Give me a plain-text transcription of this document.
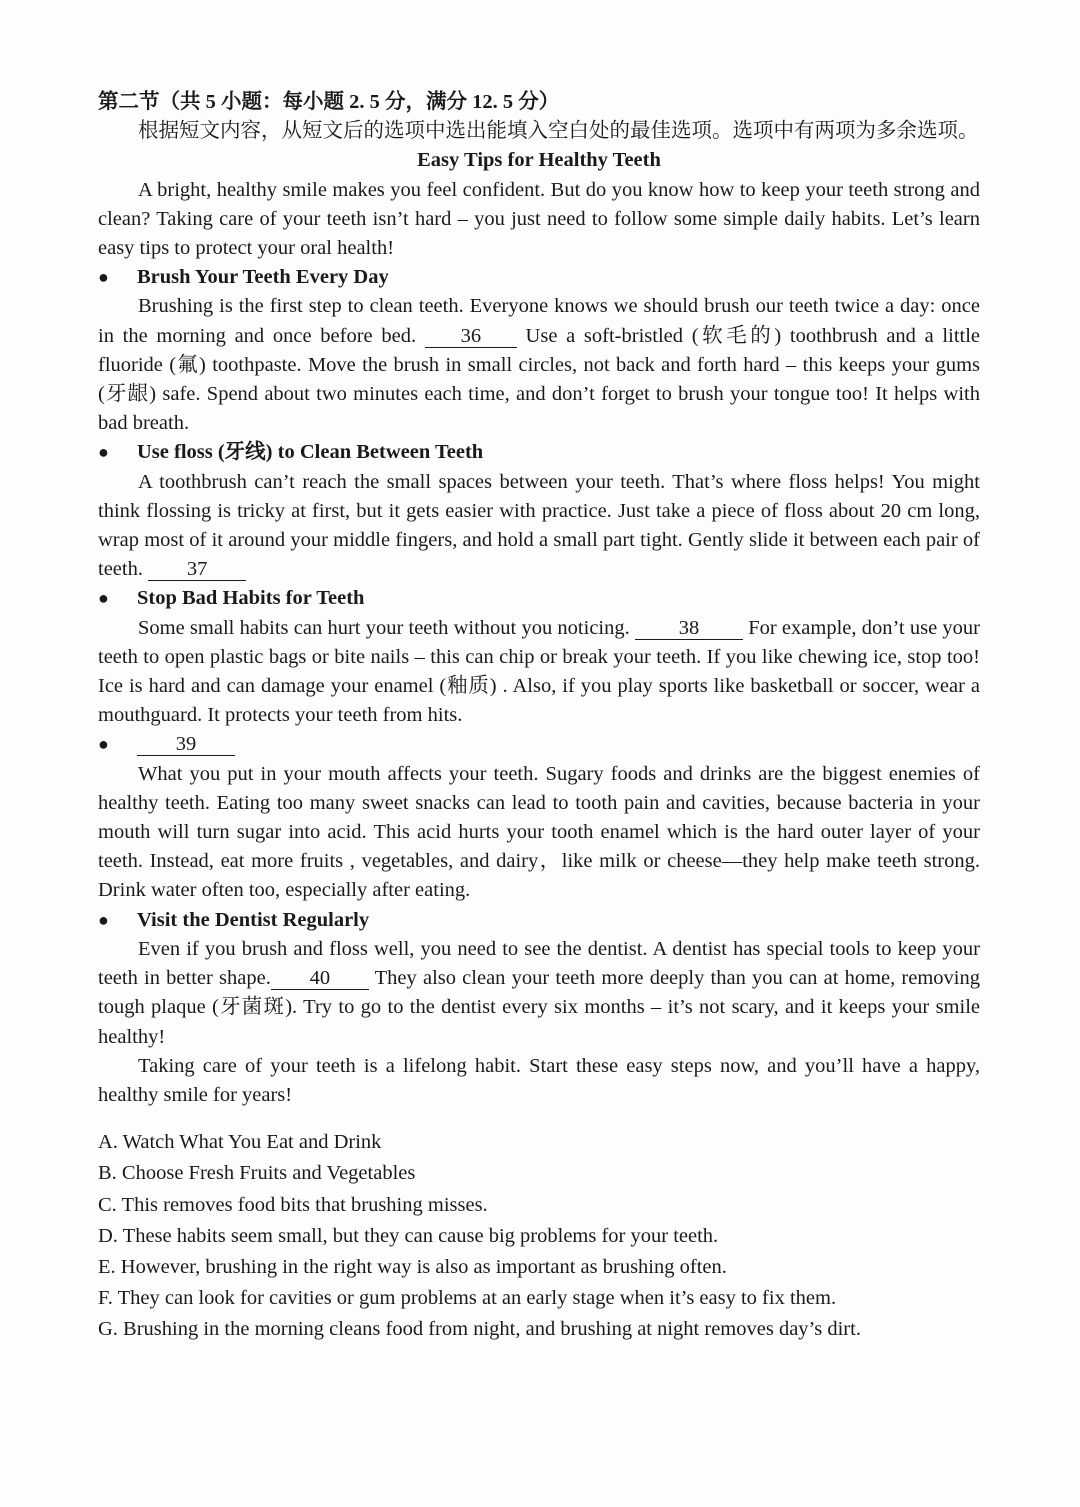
第二节（共 5 小题：每小题 2. 5 分，满分 12. 5 分）

根据短文内容，从短文后的选项中选出能填入空白处的最佳选项。选项中有两项为多余选项。

Easy Tips for Healthy Teeth

A bright, healthy smile makes you feel confident. But do you know how to keep your teeth strong and clean? Taking care of your teeth isn’t hard – you just need to follow some simple daily habits. Let’s learn easy tips to protect your oral health!

●	Brush Your Teeth Every Day

Brushing is the first step to clean teeth. Everyone knows we should brush our teeth twice a day: once in the morning and once before bed. 36 Use a soft-bristled (软毛的) toothbrush and a little fluoride (氟) toothpaste. Move the brush in small circles, not back and forth hard – this keeps your gums (牙龈) safe. Spend about two minutes each time, and don’t forget to brush your tongue too! It helps with bad breath.

●	Use floss (牙线) to Clean Between Teeth

A toothbrush can’t reach the small spaces between your teeth. That’s where floss helps! You might think flossing is tricky at first, but it gets easier with practice. Just take a piece of floss about 20 cm long, wrap most of it around your middle fingers, and hold a small part tight. Gently slide it between each pair of teeth. 37

●	Stop Bad Habits for Teeth

Some small habits can hurt your teeth without you noticing. 38 For example, don’t use your teeth to open plastic bags or bite nails – this can chip or break your teeth. If you like chewing ice, stop too! Ice is hard and can damage your enamel (釉质) . Also, if you play sports like basketball or soccer, wear a mouthguard. It protects your teeth from hits.

●	39

What you put in your mouth affects your teeth. Sugary foods and drinks are the biggest enemies of healthy teeth. Eating too many sweet snacks can lead to tooth pain and cavities, because bacteria in your mouth will turn sugar into acid. This acid hurts your tooth enamel which is the hard outer layer of your teeth. Instead, eat more fruits , vegetables, and dairy，like milk or cheese—they help make teeth strong. Drink water often too, especially after eating.

●	Visit the Dentist Regularly

Even if you brush and floss well, you need to see the dentist. A dentist has special tools to keep your teeth in better shape. 40 They also clean your teeth more deeply than you can at home, removing tough plaque (牙菌斑). Try to go to the dentist every six months – it’s not scary, and it keeps your smile healthy!

Taking care of your teeth is a lifelong habit. Start these easy steps now, and you’ll have a happy, healthy smile for years!

A. Watch What You Eat and Drink

B. Choose Fresh Fruits and Vegetables

C. This removes food bits that brushing misses.

D. These habits seem small, but they can cause big problems for your teeth.

E. However, brushing in the right way is also as important as brushing often.

F. They can look for cavities or gum problems at an early stage when it’s easy to fix them.

G. Brushing in the morning cleans food from night, and brushing at night removes day’s dirt.
